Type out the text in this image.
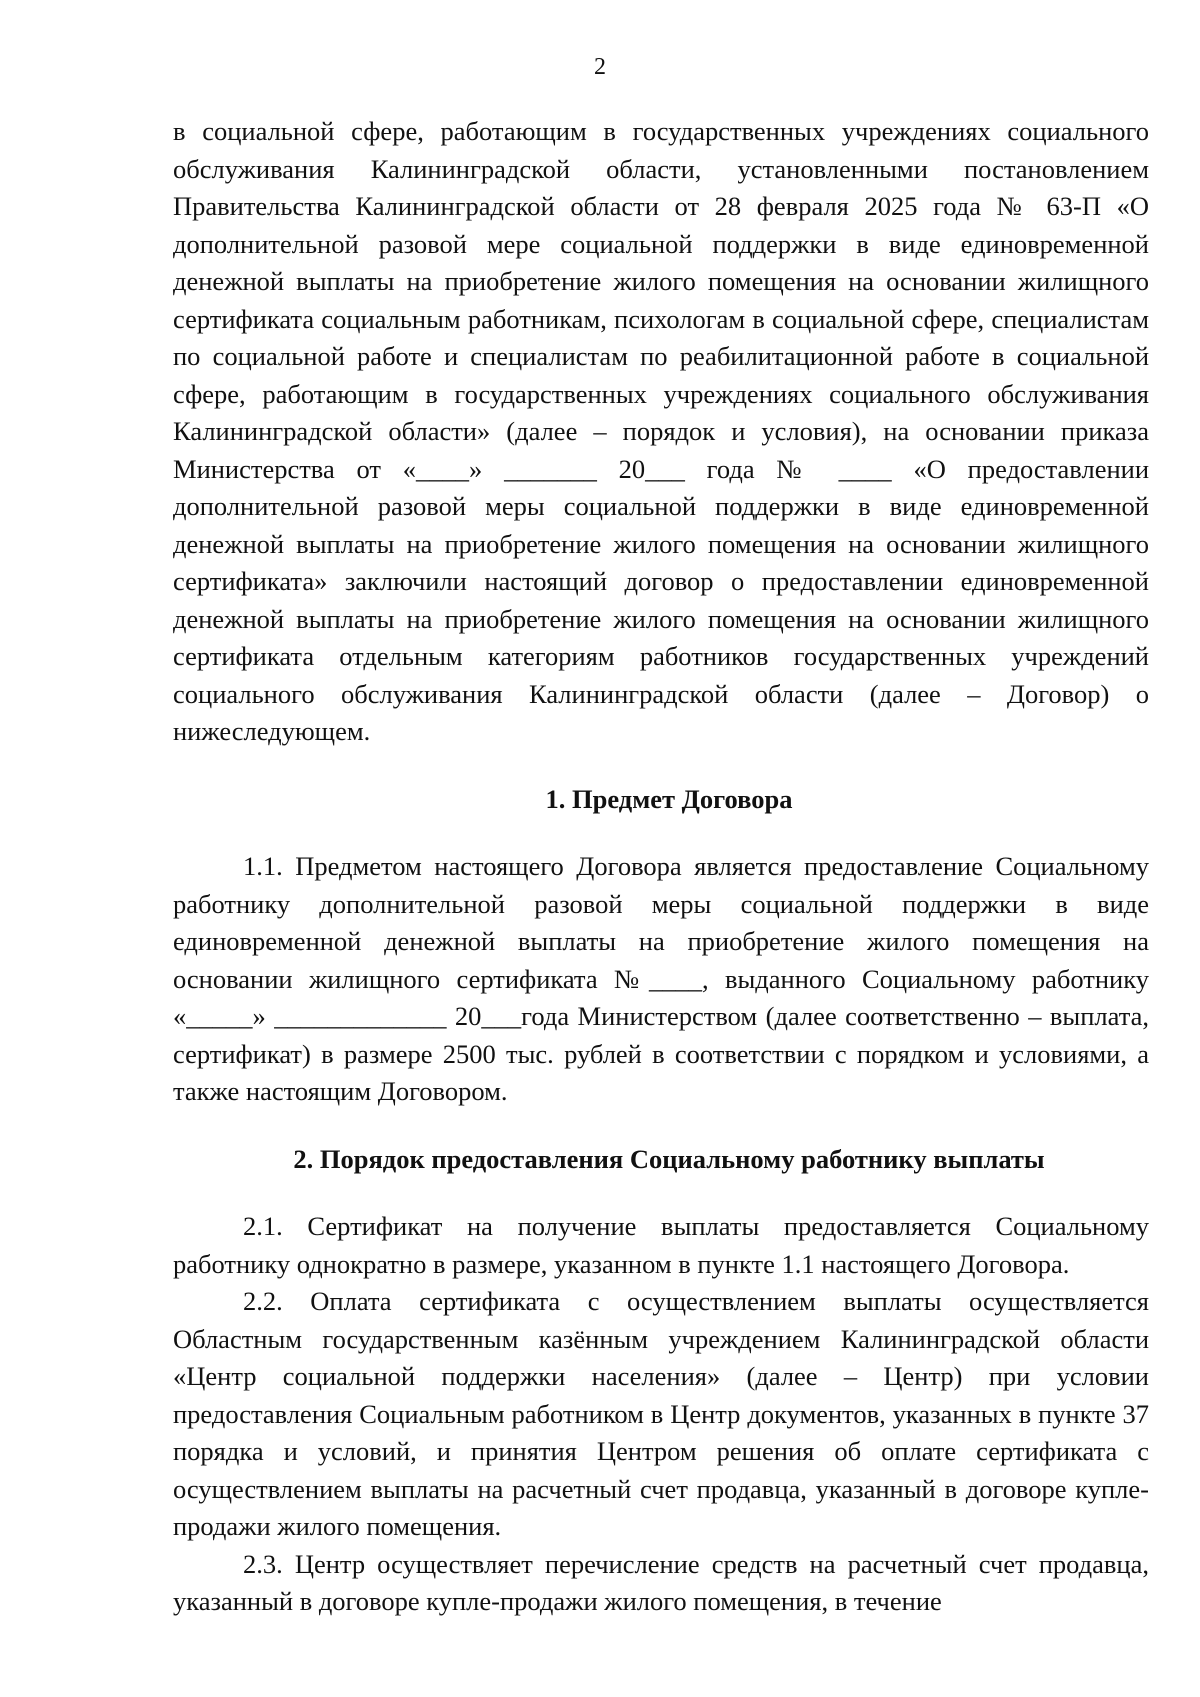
2

в социальной сфере, работающим в государственных учреждениях социального обслуживания Калининградской области, установленными постановлением Правительства Калининградской области от 28 февраля 2025 года № 63-П «О дополнительной разовой мере социальной поддержки в виде единовременной денежной выплаты на приобретение жилого помещения на основании жилищного сертификата социальным работникам, психологам в социальной сфере, специалистам по социальной работе и специалистам по реабилитационной работе в социальной сфере, работающим в государственных учреждениях социального обслуживания Калининградской области» (далее – порядок и условия), на основании приказа Министерства от «____» _______ 20___ года № ____ «О предоставлении дополнительной разовой меры социальной поддержки в виде единовременной денежной выплаты на приобретение жилого помещения на основании жилищного сертификата» заключили настоящий договор о предоставлении единовременной денежной выплаты на приобретение жилого помещения на основании жилищного сертификата отдельным категориям работников государственных учреждений социального обслуживания Калининградской области (далее – Договор) о нижеследующем.

1. Предмет Договора

1.1. Предметом настоящего Договора является предоставление Социальному работнику дополнительной разовой меры социальной поддержки в виде единовременной денежной выплаты на приобретение жилого помещения на основании жилищного сертификата №____, выданного Социальному работнику «_____» _____________ 20___года Министерством (далее соответственно – выплата, сертификат) в размере 2500 тыс. рублей в соответствии с порядком и условиями, а также настоящим Договором.

2. Порядок предоставления Социальному работнику выплаты

2.1. Сертификат на получение выплаты предоставляется Социальному работнику однократно в размере, указанном в пункте 1.1 настоящего Договора.

2.2. Оплата сертификата с осуществлением выплаты осуществляется Областным государственным казённым учреждением Калининградской области «Центр социальной поддержки населения» (далее – Центр) при условии предоставления Социальным работником в Центр документов, указанных в пункте 37 порядка и условий, и принятия Центром решения об оплате сертификата с осуществлением выплаты на расчетный счет продавца, указанный в договоре купле-продажи жилого помещения.

2.3. Центр осуществляет перечисление средств на расчетный счет продавца, указанный в договоре купле-продажи жилого помещения, в течение
